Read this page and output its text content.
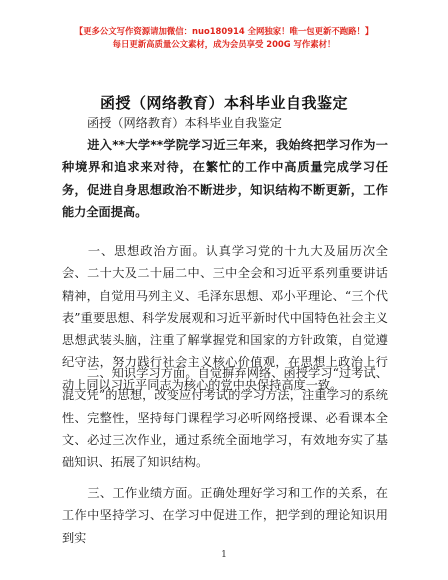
【更多公文写作资源请加微信：nuo180914 全网独家！唯一包更新不跑路！】
每日更新高质量公文素材，成为会员享受 200G 写作素材！
函授（网络教育）本科毕业自我鉴定
函授（网络教育）本科毕业自我鉴定
进入**大学**学院学习近三年来，我始终把学习作为一种境界和追求来对待，在繁忙的工作中高质量完成学习任务，促进自身思想政治不断进步，知识结构不断更新，工作能力全面提高。
一、思想政治方面。认真学习党的十九大及届历次全会、二十大及二十届二中、三中全会和习近平系列重要讲话精神，自觉用马列主义、毛泽东思想、邓小平理论、“三个代表”重要思想、科学发展观和习近平新时代中国特色社会主义思想武装头脑，注重了解掌握党和国家的方针政策，自觉遵纪守法，努力践行社会主义核心价值观，在思想上政治上行动上同以习近平同志为核心的党中央保持高度一致。
二、知识学习方面。自觉摒弃网络、函授学习“过考试、混文凭”的思想，改变应付考试的学习方法，注重学习的系统性、完整性，坚持每门课程学习必听网络授课、必看课本全文、必过三次作业，通过系统全面地学习，有效地夯实了基础知识、拓展了知识结构。
三、工作业绩方面。正确处理好学习和工作的关系，在工作中坚持学习、在学习中促进工作，把学到的理论知识用到实
1
